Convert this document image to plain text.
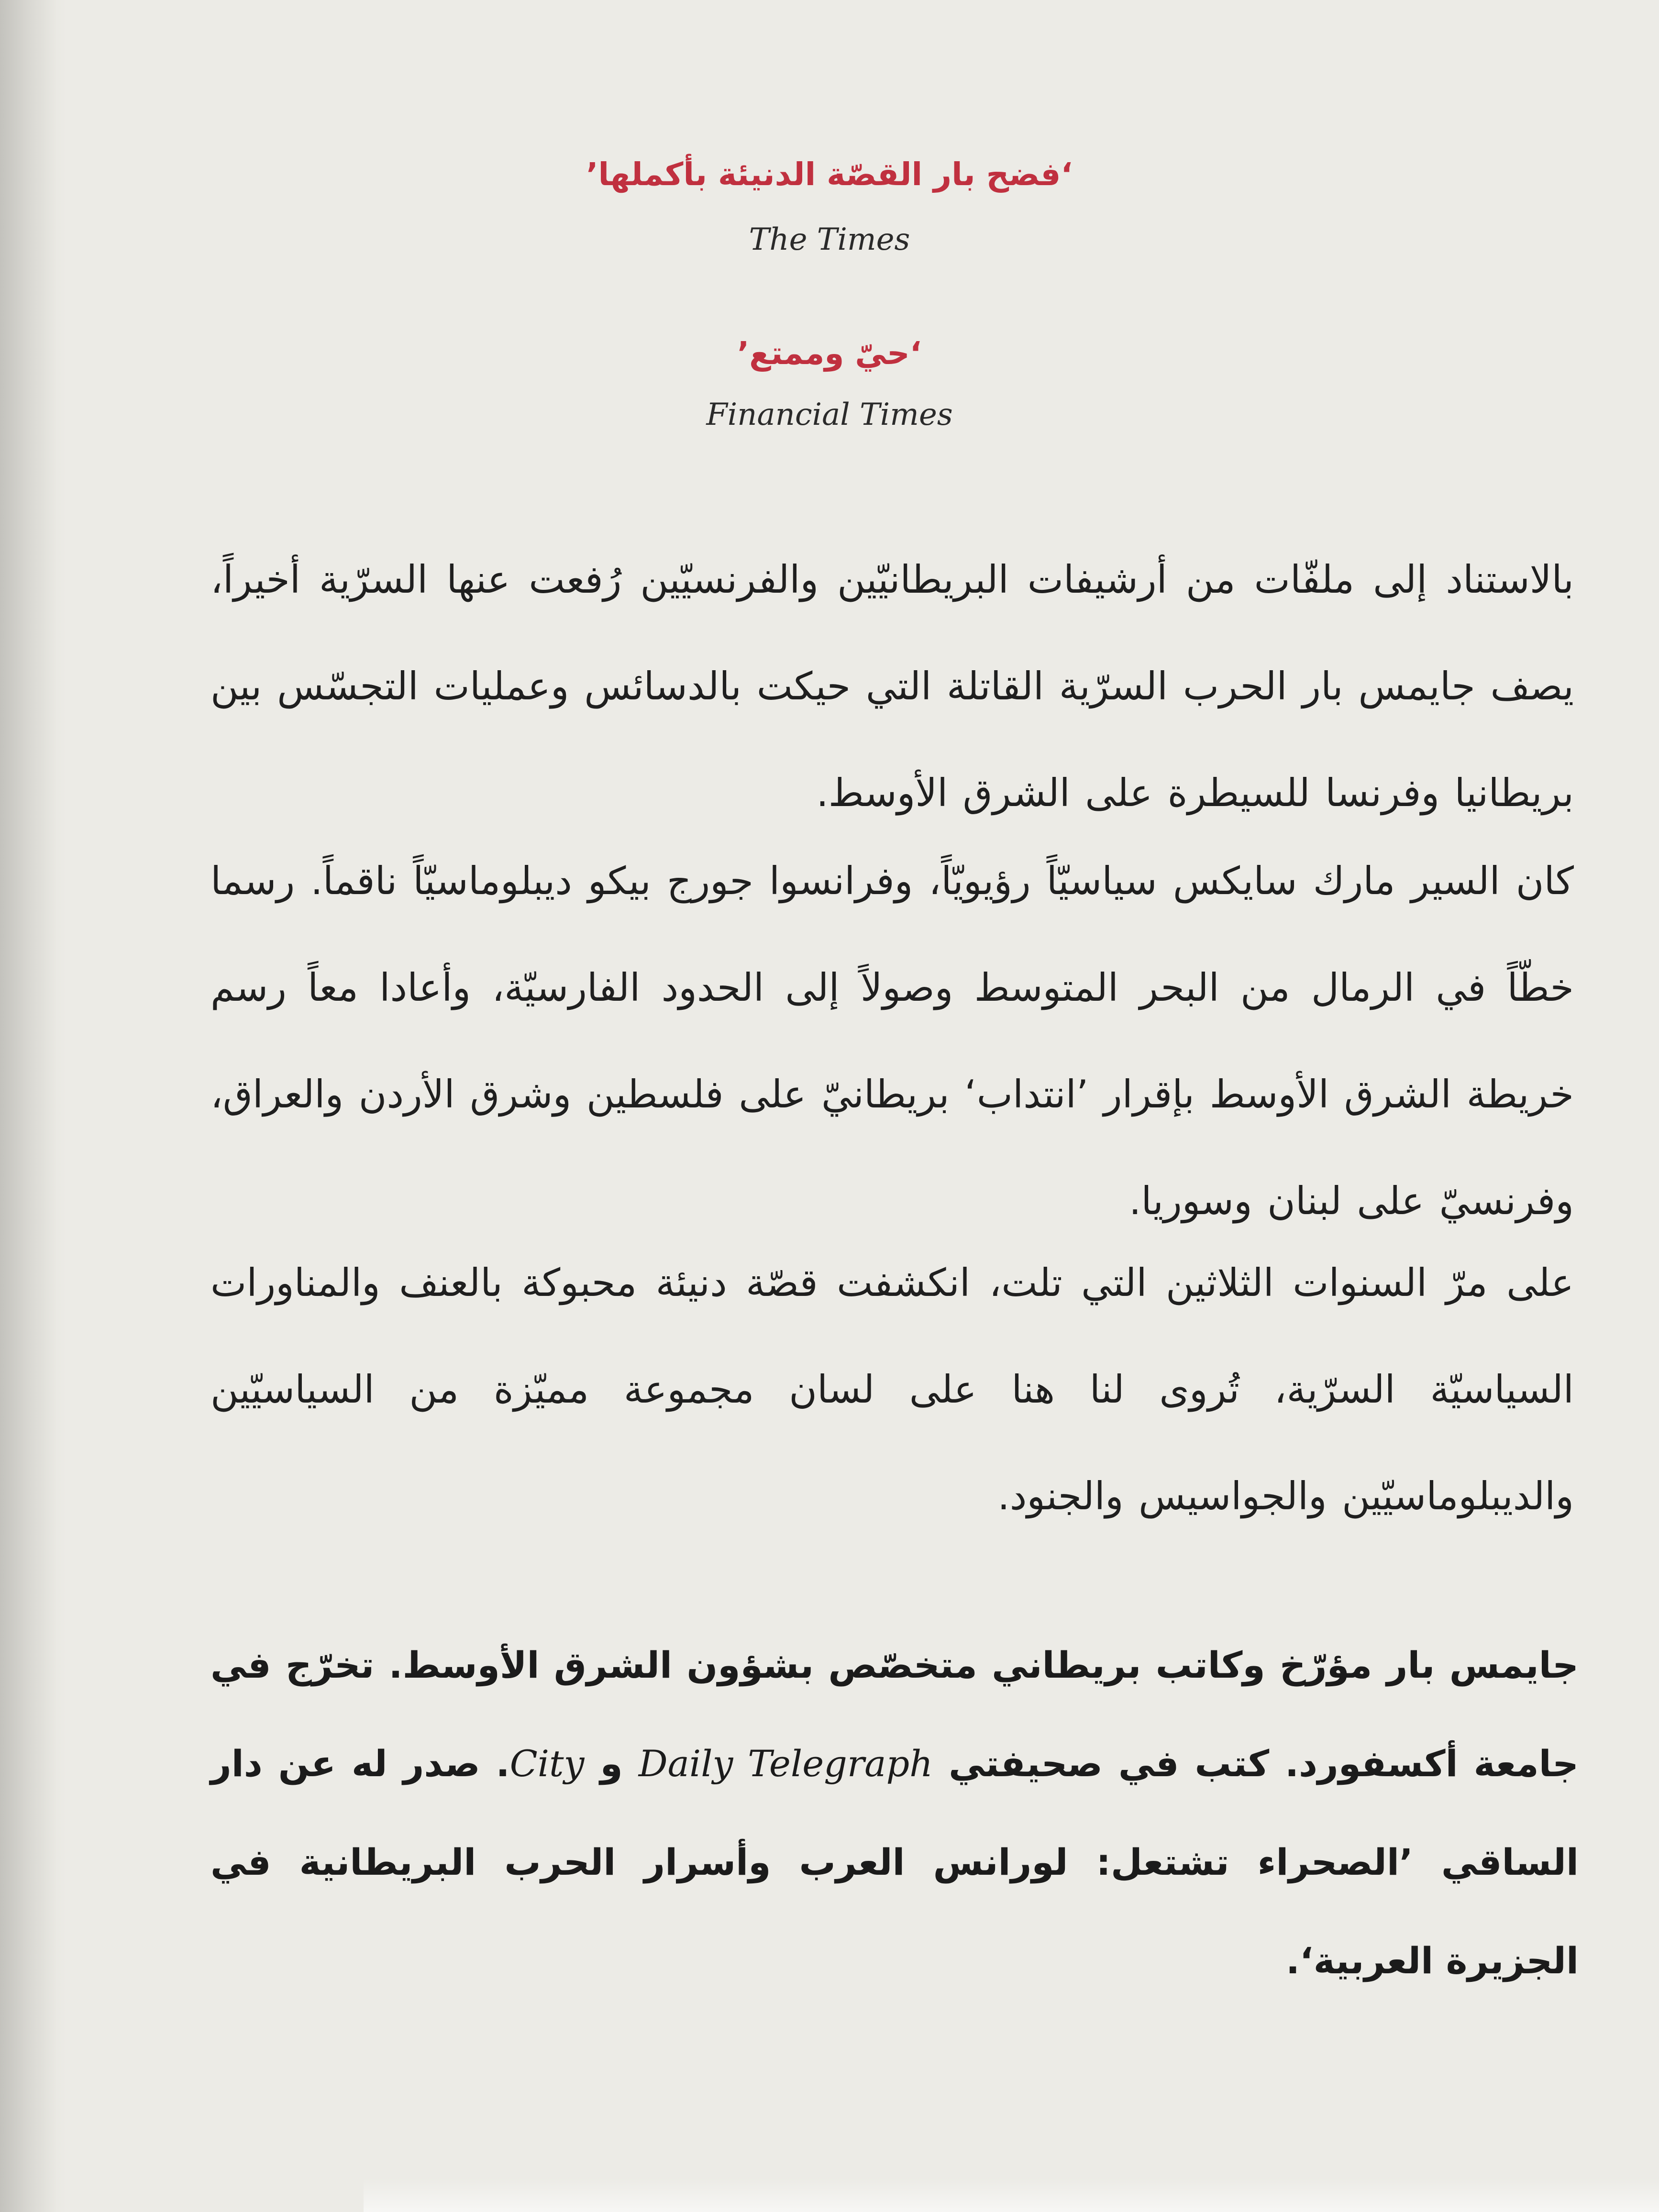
‘فضح بار القصّة الدنيئة بأكملها’

The Times

‘حيّ وممتع’

Financial Times

بالاستناد إلى ملفّات من أرشيفات البريطانيّين والفرنسيّين رُفعت عنها السرّية أخيراً، يصف جايمس بار الحرب السرّية القاتلة التي حيكت بالدسائس وعمليات التجسّس بين بريطانيا وفرنسا للسيطرة على الشرق الأوسط.

كان السير مارك سايكس سياسيّاً رؤيويّاً، وفرانسوا جورج بيكو ديبلوماسيّاً ناقماً. رسما خطّاً في الرمال من البحر المتوسط وصولاً إلى الحدود الفارسيّة، وأعادا معاً رسم خريطة الشرق الأوسط بإقرار ’انتداب‘ بريطانيّ على فلسطين وشرق الأردن والعراق، وفرنسيّ على لبنان وسوريا.

على مرّ السنوات الثلاثين التي تلت، انكشفت قصّة دنيئة محبوكة بالعنف والمناورات السياسيّة السرّية، تُروى لنا هنا على لسان مجموعة مميّزة من السياسيّين والديبلوماسيّين والجواسيس والجنود.

جايمس بار مؤرّخ وكاتب بريطاني متخصّص بشؤون الشرق الأوسط. تخرّج في جامعة أكسفورد. كتب في صحيفتي Daily Telegraph و City. صدر له عن دار الساقي ’الصحراء تشتعل: لورانس العرب وأسرار الحرب البريطانية في الجزيرة العربية‘.
